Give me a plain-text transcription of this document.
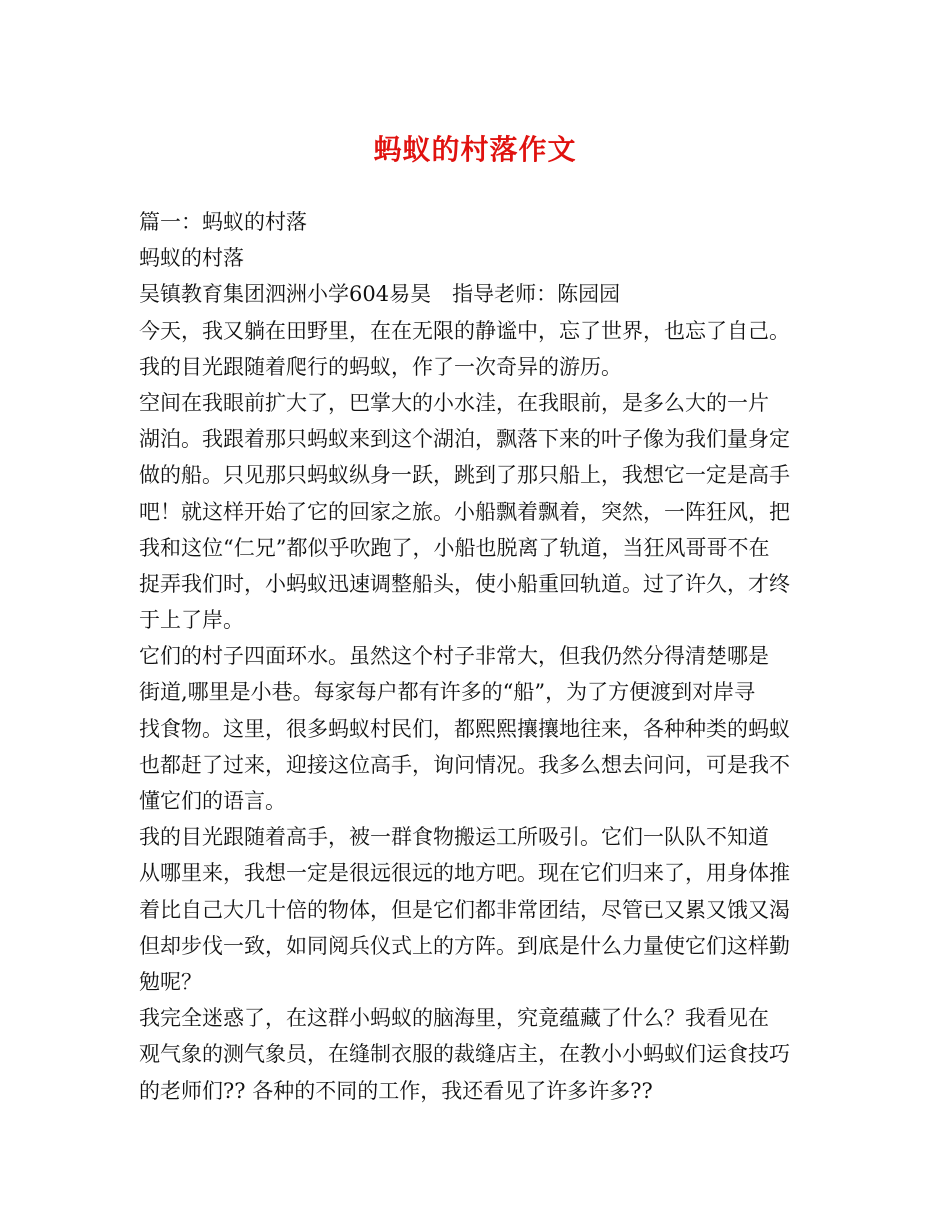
蚂蚁的村落作文

篇一：蚂蚁的村落

蚂蚁的村落

吴镇教育集团泗洲小学604易昊　指导老师：陈园园

今天，我又躺在田野里，在在无限的静谧中，忘了世界，也忘了自己。

我的目光跟随着爬行的蚂蚁，作了一次奇异的游历。

空间在我眼前扩大了，巴掌大的小水洼，在我眼前，是多么大的一片

湖泊。我跟着那只蚂蚁来到这个湖泊，飘落下来的叶子像为我们量身定

做的船。只见那只蚂蚁纵身一跃，跳到了那只船上，我想它一定是高手

吧！就这样开始了它的回家之旅。小船飘着飘着，突然，一阵狂风，把

我和这位“仁兄”都似乎吹跑了，小船也脱离了轨道，当狂风哥哥不在

捉弄我们时，小蚂蚁迅速调整船头，使小船重回轨道。过了许久，才终

于上了岸。

它们的村子四面环水。虽然这个村子非常大，但我仍然分得清楚哪是

街道,哪里是小巷。每家每户都有许多的“船”，为了方便渡到对岸寻

找食物。这里，很多蚂蚁村民们，都熙熙攘攘地往来，各种种类的蚂蚁

也都赶了过来，迎接这位高手，询问情况。我多么想去问问，可是我不

懂它们的语言。

我的目光跟随着高手，被一群食物搬运工所吸引。它们一队队不知道

从哪里来，我想一定是很远很远的地方吧。现在它们归来了，用身体推

着比自己大几十倍的物体，但是它们都非常团结，尽管已又累又饿又渴

但却步伐一致，如同阅兵仪式上的方阵。到底是什么力量使它们这样勤

勉呢？

我完全迷惑了，在这群小蚂蚁的脑海里，究竟蕴藏了什么？我看见在

观气象的测气象员，在缝制衣服的裁缝店主，在教小小蚂蚁们运食技巧

的老师们?? 各种的不同的工作，我还看见了许多许多??
